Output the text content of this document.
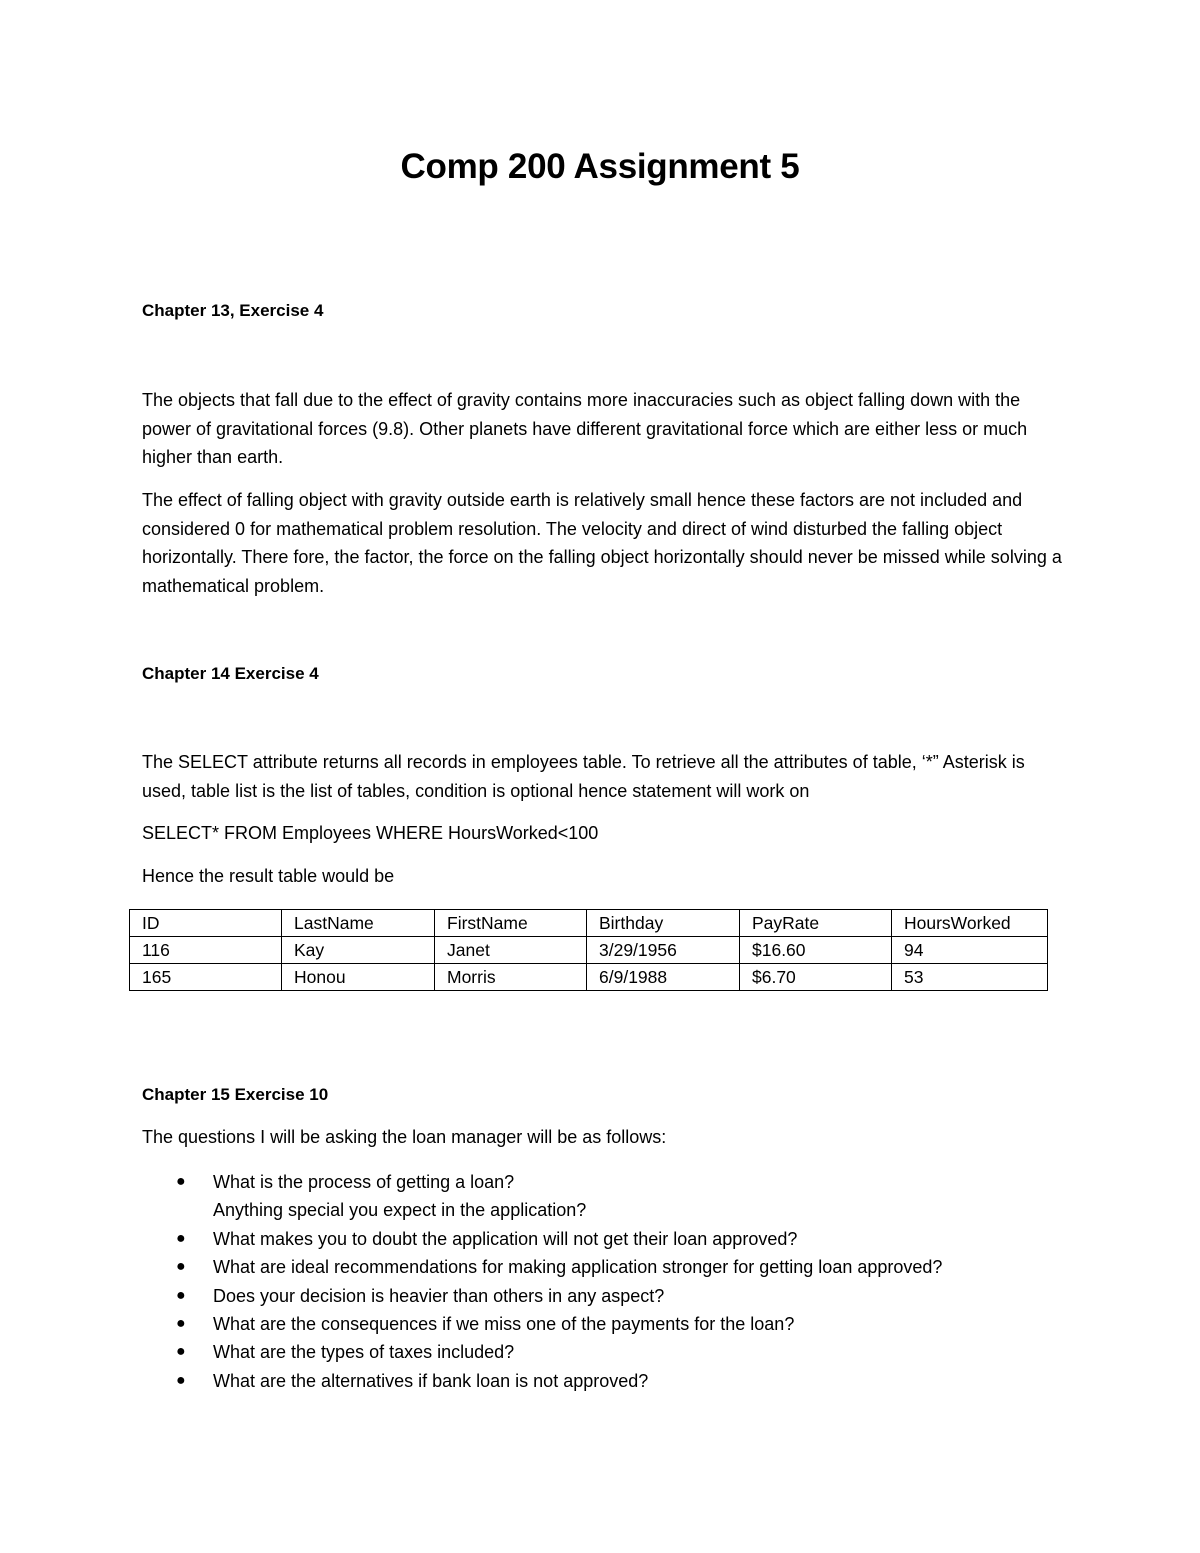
Comp 200 Assignment 5
Chapter 13, Exercise 4
The objects that fall due to the effect of gravity contains more inaccuracies such as object falling down with the power of gravitational forces (9.8). Other planets have different gravitational force which are either less or much higher than earth.
The effect of falling object with gravity outside earth is relatively small hence these factors are not included and considered 0 for mathematical problem resolution. The velocity and direct of wind disturbed the falling object horizontally. There fore, the factor, the force on the falling object horizontally should never be missed while solving a mathematical problem.
Chapter 14 Exercise 4
The SELECT attribute returns all records in employees table. To retrieve all the attributes of table, ‘*” Asterisk is used, table list is the list of tables, condition is optional hence statement will work on
SELECT* FROM Employees WHERE HoursWorked<100
Hence the result table would be
ID	LastName	FirstName	Birthday	PayRate	HoursWorked
116	Kay	Janet	3/29/1956	$16.60	94
165	Honou	Morris	6/9/1988	$6.70	53
Chapter 15 Exercise 10
The questions I will be asking the loan manager will be as follows:
● What is the process of getting a loan?
Anything special you expect in the application?
● What makes you to doubt the application will not get their loan approved?
● What are ideal recommendations for making application stronger for getting loan approved?
● Does your decision is heavier than others in any aspect?
● What are the consequences if we miss one of the payments for the loan?
● What are the types of taxes included?
● What are the alternatives if bank loan is not approved?
